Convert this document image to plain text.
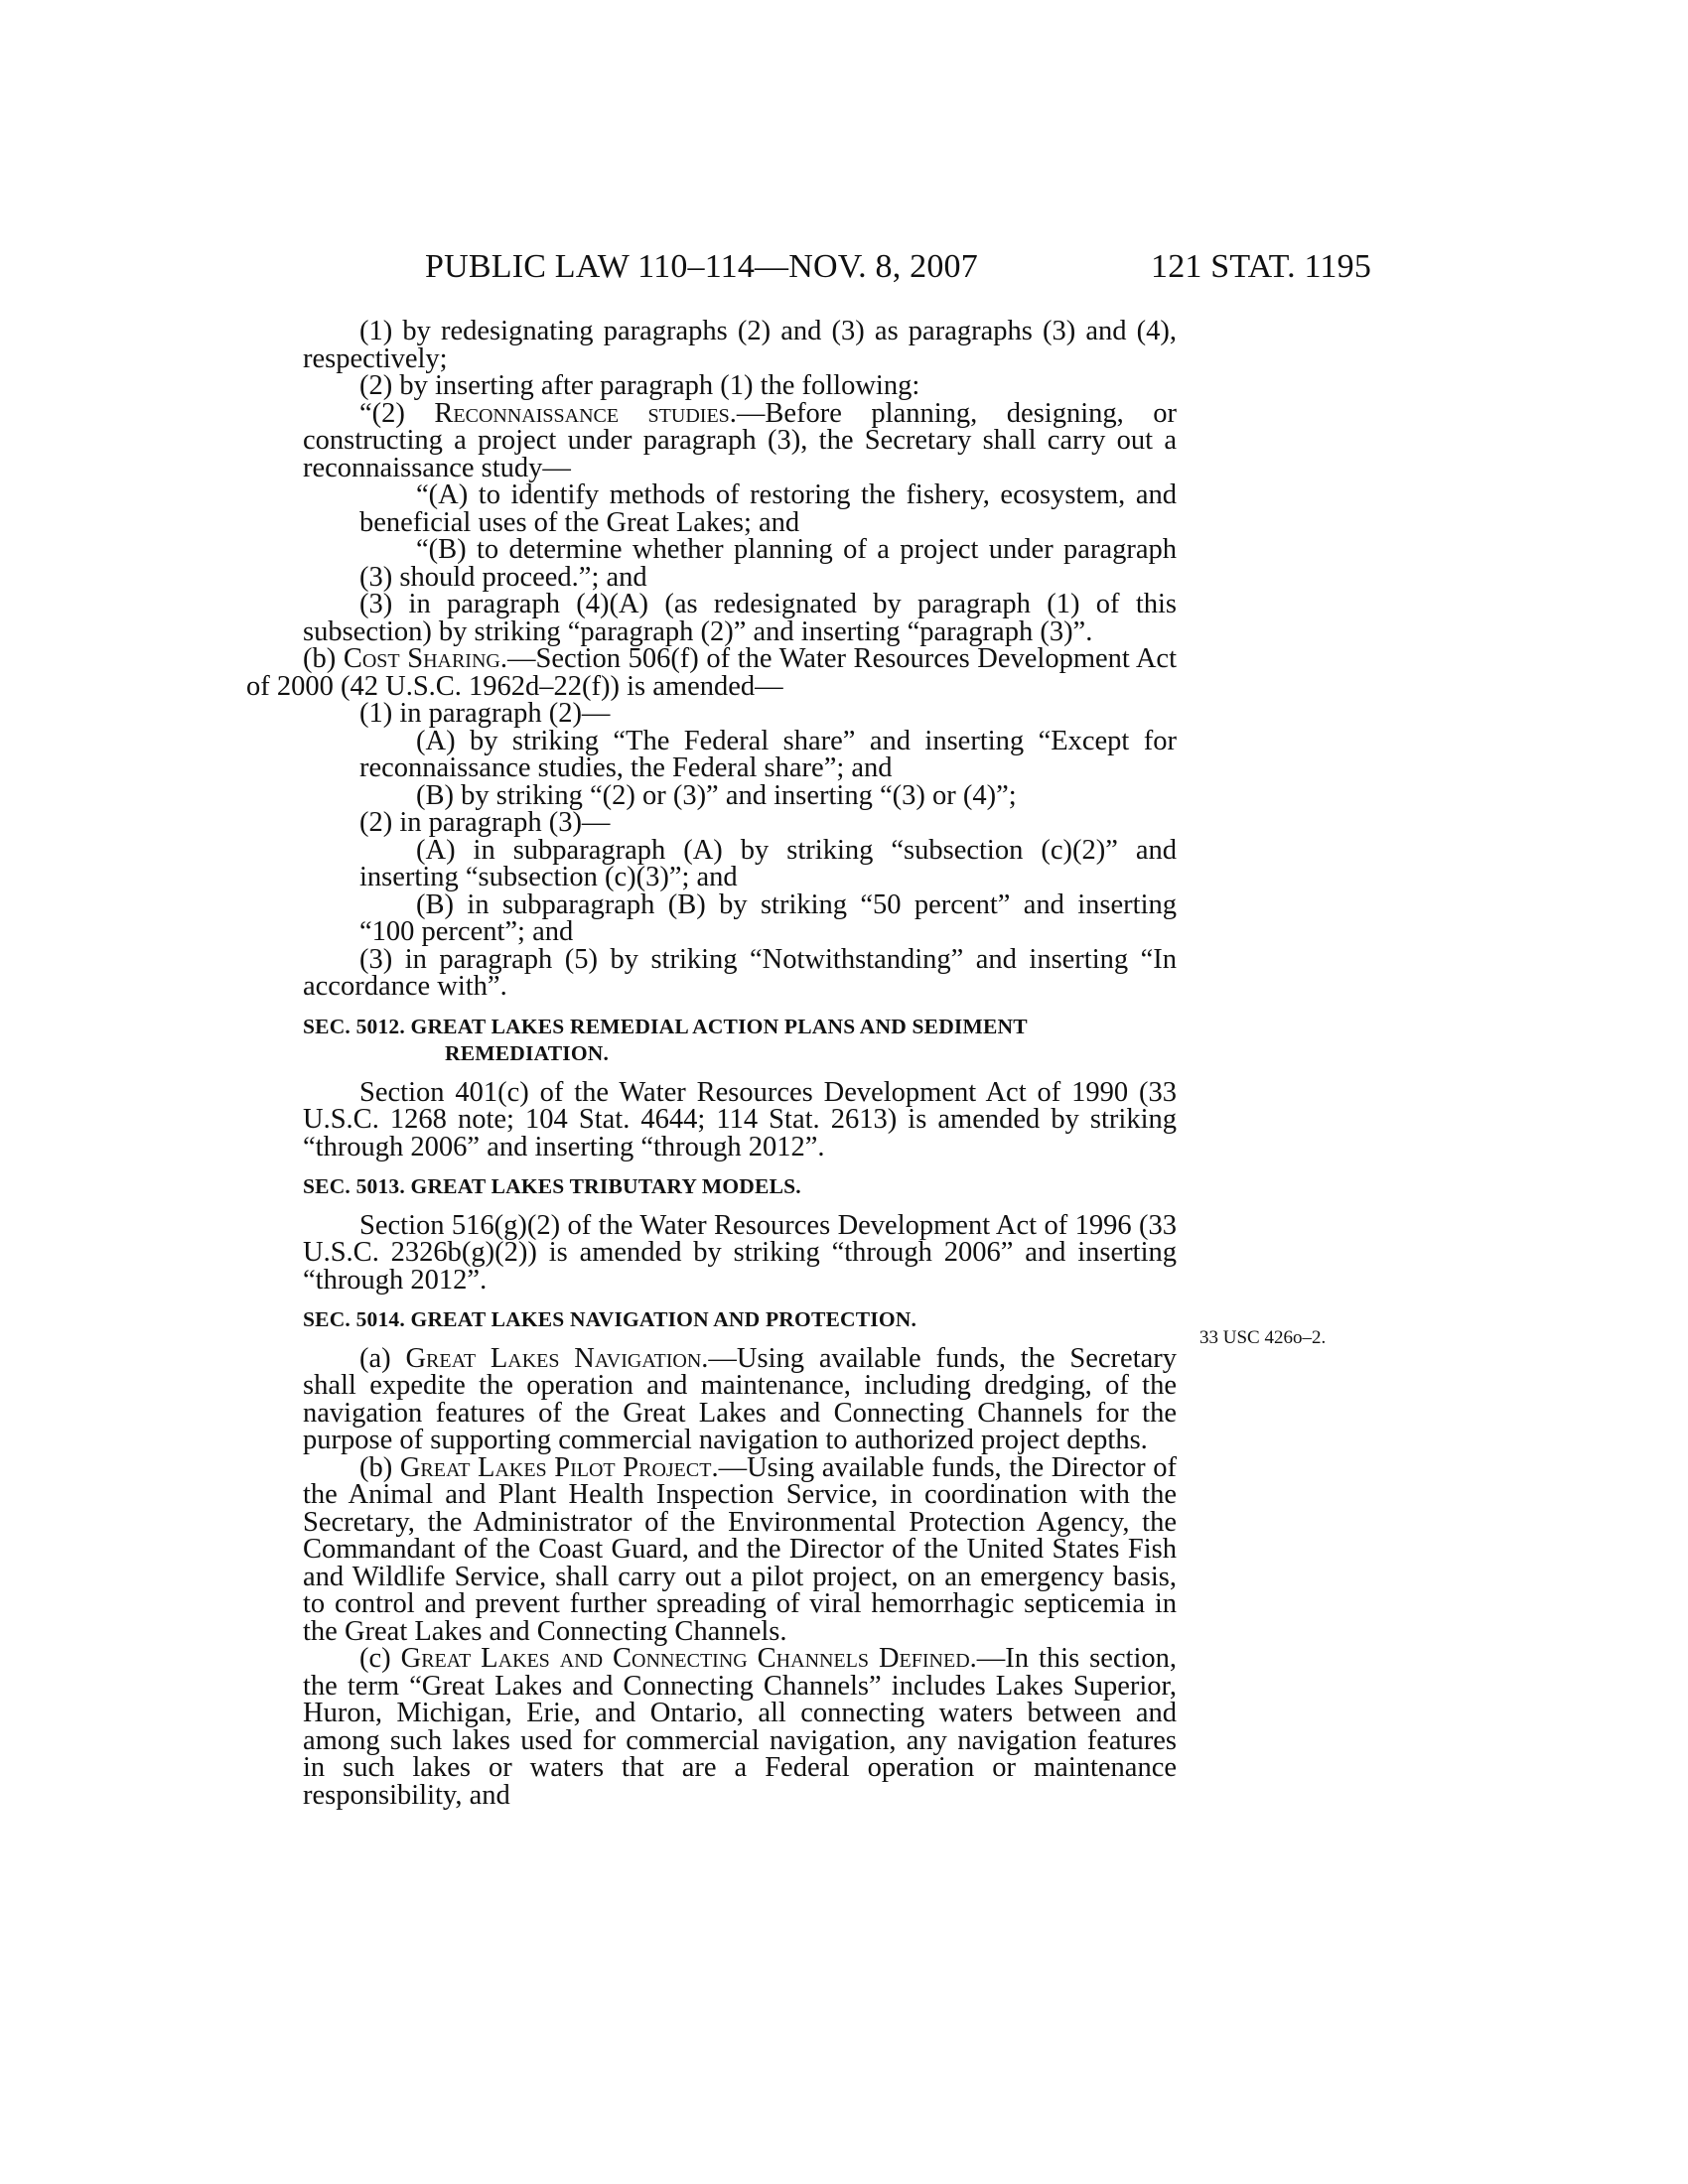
PUBLIC LAW 110–114—NOV. 8, 2007	121 STAT. 1195
33 USC 426o–2.

(1) by redesignating paragraphs (2) and (3) as paragraphs (3) and (4), respectively;

(2) by inserting after paragraph (1) the following:

“(2) Reconnaissance studies.—Before planning, designing, or constructing a project under paragraph (3), the Secretary shall carry out a reconnaissance study—

“(A) to identify methods of restoring the fishery, ecosystem, and beneficial uses of the Great Lakes; and

“(B) to determine whether planning of a project under paragraph (3) should proceed.”; and

(3) in paragraph (4)(A) (as redesignated by paragraph (1) of this subsection) by striking “paragraph (2)” and inserting “paragraph (3)”.

(b) Cost Sharing.—Section 506(f) of the Water Resources Development Act of 2000 (42 U.S.C. 1962d–22(f)) is amended—

(1) in paragraph (2)—

(A) by striking “The Federal share” and inserting “Except for reconnaissance studies, the Federal share”; and

(B) by striking “(2) or (3)” and inserting “(3) or (4)”;

(2) in paragraph (3)—

(A) in subparagraph (A) by striking “subsection (c)(2)” and inserting “subsection (c)(3)”; and

(B) in subparagraph (B) by striking “50 percent” and inserting “100 percent”; and

(3) in paragraph (5) by striking “Notwithstanding” and inserting “In accordance with”.

SEC. 5012. GREAT LAKES REMEDIAL ACTION PLANS AND SEDIMENT
REMEDIATION.

Section 401(c) of the Water Resources Development Act of 1990 (33 U.S.C. 1268 note; 104 Stat. 4644; 114 Stat. 2613) is amended by striking “through 2006” and inserting “through 2012”.

SEC. 5013. GREAT LAKES TRIBUTARY MODELS.

Section 516(g)(2) of the Water Resources Development Act of 1996 (33 U.S.C. 2326b(g)(2)) is amended by striking “through 2006” and inserting “through 2012”.

SEC. 5014. GREAT LAKES NAVIGATION AND PROTECTION.

(a) Great Lakes Navigation.—Using available funds, the Secretary shall expedite the operation and maintenance, including dredging, of the navigation features of the Great Lakes and Connecting Channels for the purpose of supporting commercial navigation to authorized project depths.

(b) Great Lakes Pilot Project.—Using available funds, the Director of the Animal and Plant Health Inspection Service, in coordination with the Secretary, the Administrator of the Environmental Protection Agency, the Commandant of the Coast Guard, and the Director of the United States Fish and Wildlife Service, shall carry out a pilot project, on an emergency basis, to control and prevent further spreading of viral hemorrhagic septicemia in the Great Lakes and Connecting Channels.

(c) Great Lakes and Connecting Channels Defined.—In this section, the term “Great Lakes and Connecting Channels” includes Lakes Superior, Huron, Michigan, Erie, and Ontario, all connecting waters between and among such lakes used for commercial navigation, any navigation features in such lakes or waters that are a Federal operation or maintenance responsibility, and
